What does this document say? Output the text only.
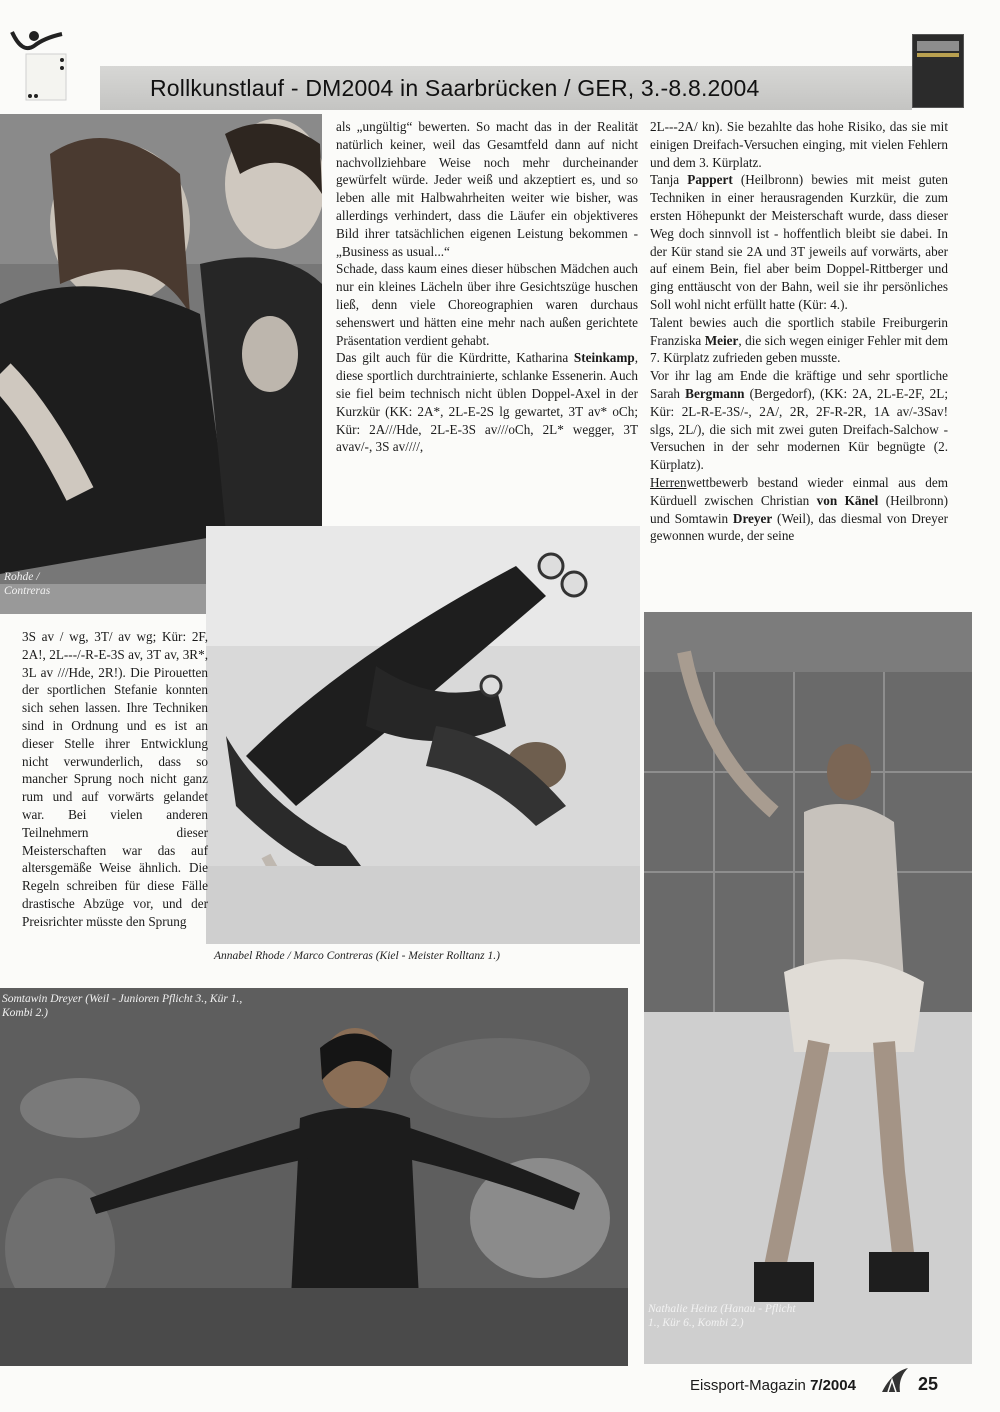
Rollkunstlauf - DM2004 in Saarbrücken / GER, 3.-8.8.2004
Rohde / Contreras

als „ungültig“ bewerten. So macht das in der Realität natürlich keiner, weil das Gesamtfeld dann auf nicht nachvollziehbare Weise noch mehr durcheinander gewürfelt würde. Jeder weiß und akzeptiert es, und so leben alle mit Halbwahrheiten weiter wie bisher, was allerdings verhindert, dass die Läufer ein objektiveres Bild ihrer tatsächlichen eigenen Leistung bekommen - „Business as usual...“

Schade, dass kaum eines dieser hübschen Mädchen auch nur ein kleines Lächeln über ihre Gesichtszüge huschen ließ, denn viele Choreographien waren durchaus sehenswert und hätten eine mehr nach außen gerichtete Präsentation verdient gehabt.

Das gilt auch für die Kürdritte, Katharina Steinkamp, diese sportlich durchtrainierte, schlanke Essenerin. Auch sie fiel beim technisch nicht üblen Doppel-Axel in der Kurzkür (KK: 2A*, 2L-E-2S lg gewartet, 3T av* oCh; Kür: 2A///Hde, 2L-E-3S av///oCh, 2L* wegger, 3T avav/-, 3S av////,

2L---2A/ kn). Sie bezahlte das hohe Risiko, das sie mit einigen Dreifach-Versuchen einging, mit vielen Fehlern und dem 3. Kürplatz.

Tanja Pappert (Heilbronn) bewies mit meist guten Techniken in einer herausragenden Kurzkür, die zum ersten Höhepunkt der Meisterschaft wurde, dass dieser Weg doch sinnvoll ist - hoffentlich bleibt sie dabei. In der Kür stand sie 2A und 3T jeweils auf vorwärts, aber auf einem Bein, fiel aber beim Doppel-Rittberger und ging enttäuscht von der Bahn, weil sie ihr persönliches Soll wohl nicht erfüllt hatte (Kür: 4.).

Talent bewies auch die sportlich stabile Freiburgerin Franziska Meier, die sich wegen einiger Fehler mit dem 7. Kürplatz zufrieden geben musste.

Vor ihr lag am Ende die kräftige und sehr sportliche Sarah Bergmann (Bergedorf), (KK: 2A, 2L-E-2F, 2L; Kür: 2L-R-E-3S/-, 2A/, 2R, 2F-R-2R, 1A av/-3Sav! slgs, 2L/), die sich mit zwei guten Dreifach-Salchow - Versuchen in der sehr modernen Kür begnügte (2. Kürplatz).

Herrenwettbewerb bestand wieder einmal aus dem Kürduell zwischen Christian von Känel (Heilbronn) und Somtawin Dreyer (Weil), das diesmal von Dreyer gewonnen wurde, der seine

3S av / wg, 3T/ av wg; Kür: 2F, 2A!, 2L---/-R-E-3S av, 3T av, 3R*, 3L av ///Hde, 2R!). Die Pirouetten der sportlichen Stefanie konnten sich sehen lassen. Ihre Techniken sind in Ordnung und es ist an dieser Stelle ihrer Entwicklung nicht verwunderlich, dass so mancher Sprung noch nicht ganz rum und auf vorwärts gelandet war. Bei vielen anderen Teilnehmern dieser Meisterschaften war das auf altersgemäße Weise ähnlich. Die Regeln schreiben für diese Fälle drastische Abzüge vor, und der Preisrichter müsste den Sprung

Annabel Rhode / Marco Contreras (Kiel - Meister Rolltanz 1.)
Somtawin Dreyer (Weil - Junioren Pflicht 3., Kür 1., Kombi 2.)
Nathalie Heinz (Hanau - Pflicht 1., Kür 6., Kombi 2.)
Eissport-Magazin 7/2004	25
